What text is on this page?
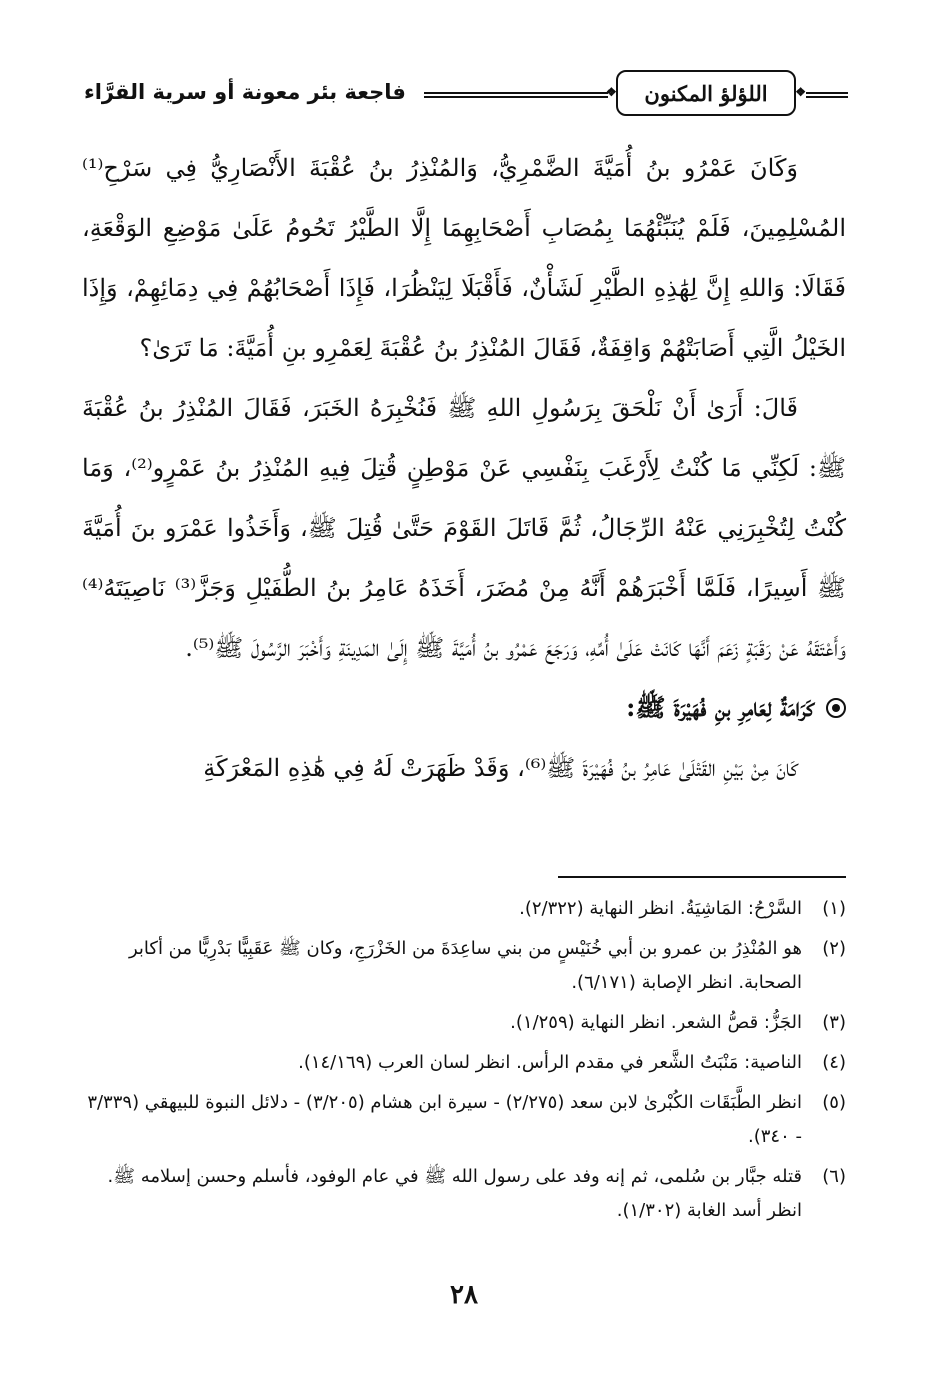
❖
اللؤلؤ المكنون
❖
فاجعة بئر معونة أو سرية القرَّاء

وَكَانَ عَمْرُو بنُ أُمَيَّةَ الضَّمْرِيُّ، وَالمُنْذِرُ بنُ عُقْبَةَ الأَنْصَارِيُّ فِي سَرْحِ⁽¹⁾ المُسْلِمِينَ، فَلَمْ يُنَبِّئْهُمَا بِمُصَابِ أَصْحَابِهِمَا إِلَّا الطَّيْرُ تَحُومُ عَلَىٰ مَوْضِعِ الوَقْعَةِ، فَقَالَا: وَاللهِ إِنَّ لِهَٰذِهِ الطَّيْرِ لَشَأْنٌ، فَأَقْبَلَا لِيَنْظُرَا، فَإِذَا أَصْحَابُهُمْ فِي دِمَائِهِمْ، وَإِذَا الخَيْلُ الَّتِي أَصَابَتْهُمْ وَاقِفَةٌ، فَقَالَ المُنْذِرُ بنُ عُقْبَةَ لِعَمْرِو بنِ أُمَيَّةَ: مَا تَرَىٰ؟

قَالَ: أَرَىٰ أَنْ نَلْحَقَ بِرَسُولِ اللهِ ﷺ فَنُخْبِرَهُ الخَبَرَ، فَقَالَ المُنْذِرُ بنُ عُقْبَةَ ﷺ: لَكِنِّي مَا كُنْتُ لِأَرْغَبَ بِنَفْسِي عَنْ مَوْطِنٍ قُتِلَ فِيهِ المُنْذِرُ بنُ عَمْرٍو⁽²⁾، وَمَا كُنْتُ لِتُخْبِرَنِي عَنْهُ الرِّجَالُ، ثُمَّ قَاتَلَ القَوْمَ حَتَّىٰ قُتِلَ ﷺ، وَأَخَذُوا عَمْرَو بنَ أُمَيَّةَ ﷺ أَسِيرًا، فَلَمَّا أَخْبَرَهُمْ أَنَّهُ مِنْ مُضَرَ، أَخَذَهُ عَامِرُ بنُ الطُّفَيْلِ وَجَزَّ⁽³⁾ نَاصِيَتَهُ⁽⁴⁾ وَأَعْتَقَهُ عَنْ رَقَبَةٍ زَعَمَ أَنَّهَا كَانَتْ عَلَىٰ أُمِّهِ، وَرَجَعَ عَمْرُو بنُ أُمَيَّةَ ﷺ إِلَىٰ المَدِينَةِ وَأَخْبَرَ الرَّسُولَ ﷺ⁽⁵⁾.

كَرَامَةٌ لِعَامِرِ بنِ فُهَيْرَةَ ﷺ:

كَانَ مِنْ بَيْنِ القَتْلَىٰ عَامِرُ بنُ فُهَيْرَةَ ﷺ⁽⁶⁾، وَقَدْ ظَهَرَتْ لَهُ فِي هَٰذِهِ المَعْرَكَةِ

(١)
السَّرْحُ: المَاشِيَةُ. انظر النهاية (٢/٣٢٢).
(٢)
هو المُنْذِرُ بن عمرو بن أبي خُنَيْسٍ من بني ساعِدَةَ من الخَزْرَجِ، وكان ﷺ عَقَبِيًّا بَدْرِيًّا من أكابر الصحابة. انظر الإصابة (٦/١٧١).
(٣)
الجَزُّ: قصُّ الشعر. انظر النهاية (١/٢٥٩).
(٤)
الناصية: مَنْبَتُ الشَّعر في مقدم الرأس. انظر لسان العرب (١٤/١٦٩).
(٥)
انظر الطَّبَقَات الكُبْرىٰ لابن سعد (٢/٢٧٥) - سيرة ابن هشام (٣/٢٠٥) - دلائل النبوة للبيهقي (٣/٣٣٩ - ٣٤٠).
(٦)
قتله جبَّار بن سُلمى، ثم إنه وفد على رسول الله ﷺ في عام الوفود، فأسلم وحسن إسلامه ﷺ. انظر أسد الغابة (١/٣٠٢).
٢٨
